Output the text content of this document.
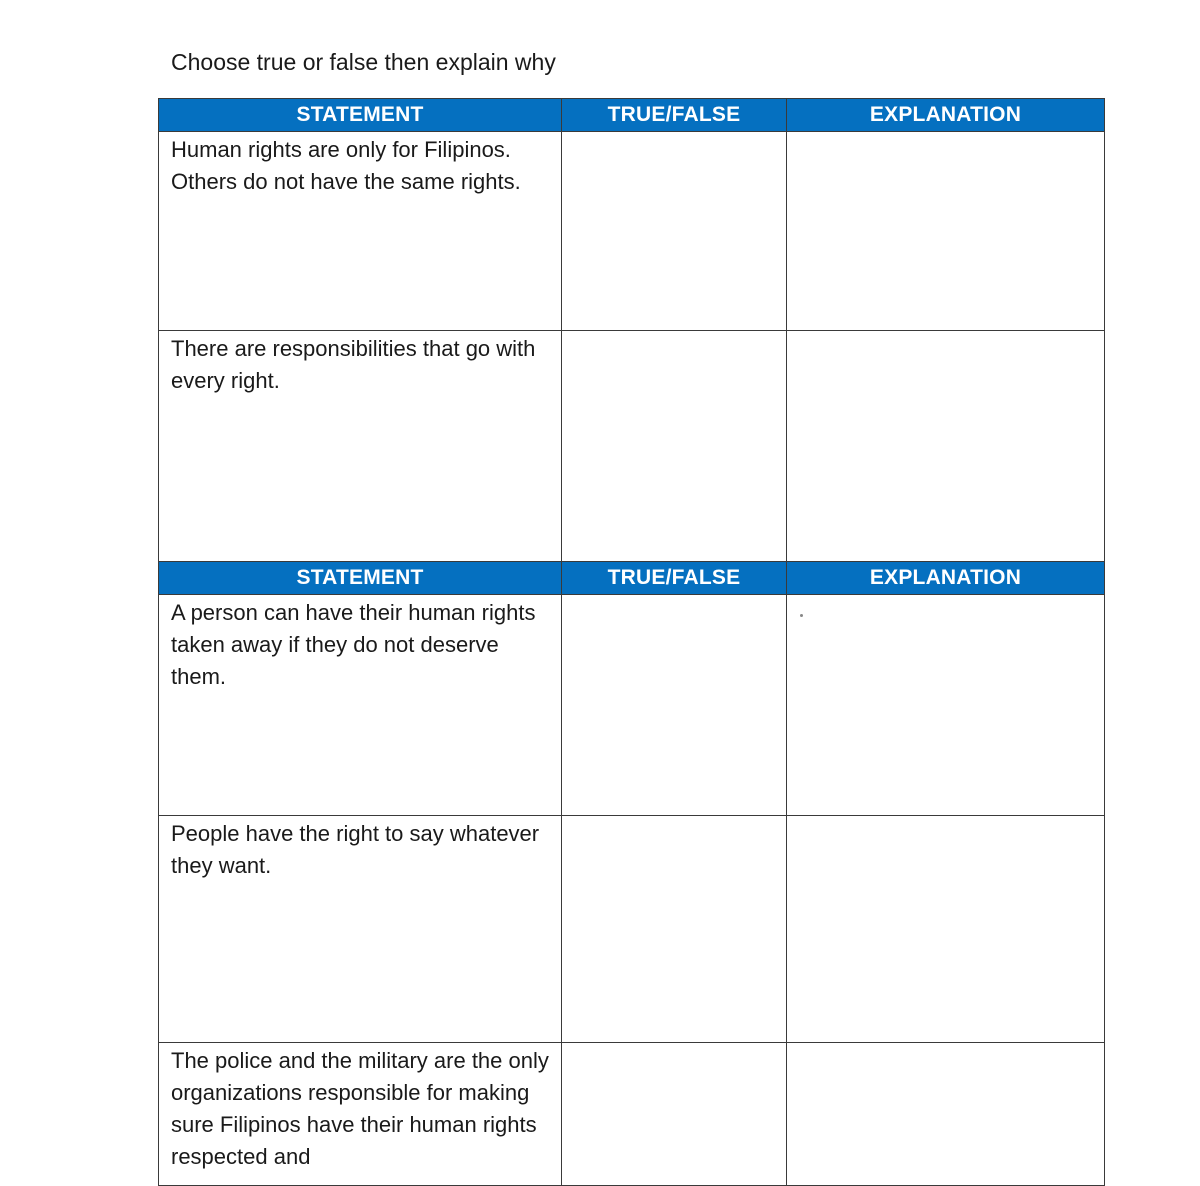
Choose true or false then explain why
STATEMENT	TRUE/FALSE	EXPLANATION
Human rights are only for Filipinos. Others do not have the same rights.		
There are responsibilities that go with every right.		
STATEMENT	TRUE/FALSE	EXPLANATION
A person can have their human rights taken away if they do not deserve them.		
People have the right to say whatever they want.		
The police and the military are the only organizations responsible for making sure Filipinos have their human rights respected and		
